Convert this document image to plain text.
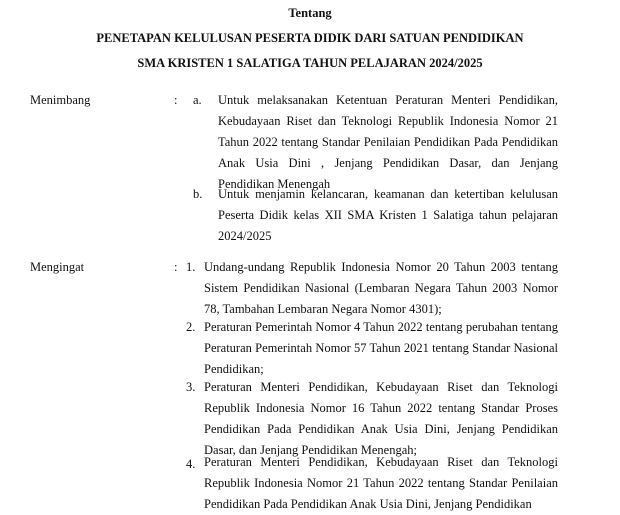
Tentang
PENETAPAN KELULUSAN PESERTA DIDIK DARI SATUAN PENDIDIKAN
SMA KRISTEN 1 SALATIGA TAHUN PELAJARAN 2024/2025
Menimbang	: a. Untuk melaksanakan Ketentuan Peraturan Menteri Pendidikan, Kebudayaan Riset dan Teknologi Republik Indonesia Nomor 21 Tahun 2022 tentang Standar Penilaian Pendidikan Pada Pendidikan Anak Usia Dini , Jenjang Pendidikan Dasar, dan Jenjang Pendidikan Menengah
b. Untuk menjamin kelancaran, keamanan dan ketertiban kelulusan Peserta Didik kelas XII SMA Kristen 1 Salatiga tahun pelajaran 2024/2025
Mengingat	: 1. Undang-undang Republik Indonesia Nomor 20 Tahun 2003 tentang Sistem Pendidikan Nasional (Lembaran Negara Tahun 2003 Nomor 78, Tambahan Lembaran Negara Nomor 4301);
2. Peraturan Pemerintah Nomor 4 Tahun 2022 tentang perubahan tentang Peraturan Pemerintah Nomor 57 Tahun 2021 tentang Standar Nasional Pendidikan;
3. Peraturan Menteri Pendidikan, Kebudayaan Riset dan Teknologi Republik Indonesia Nomor 16 Tahun 2022 tentang Standar Proses Pendidikan Pada Pendidikan Anak Usia Dini, Jenjang Pendidikan Dasar, dan Jenjang Pendidikan Menengah;
4. Peraturan Menteri Pendidikan, Kebudayaan Riset dan Teknologi Republik Indonesia Nomor 21 Tahun 2022 tentang Standar Penilaian Pendidikan Pada Pendidikan Anak Usia Dini, Jenjang Pendidikan
